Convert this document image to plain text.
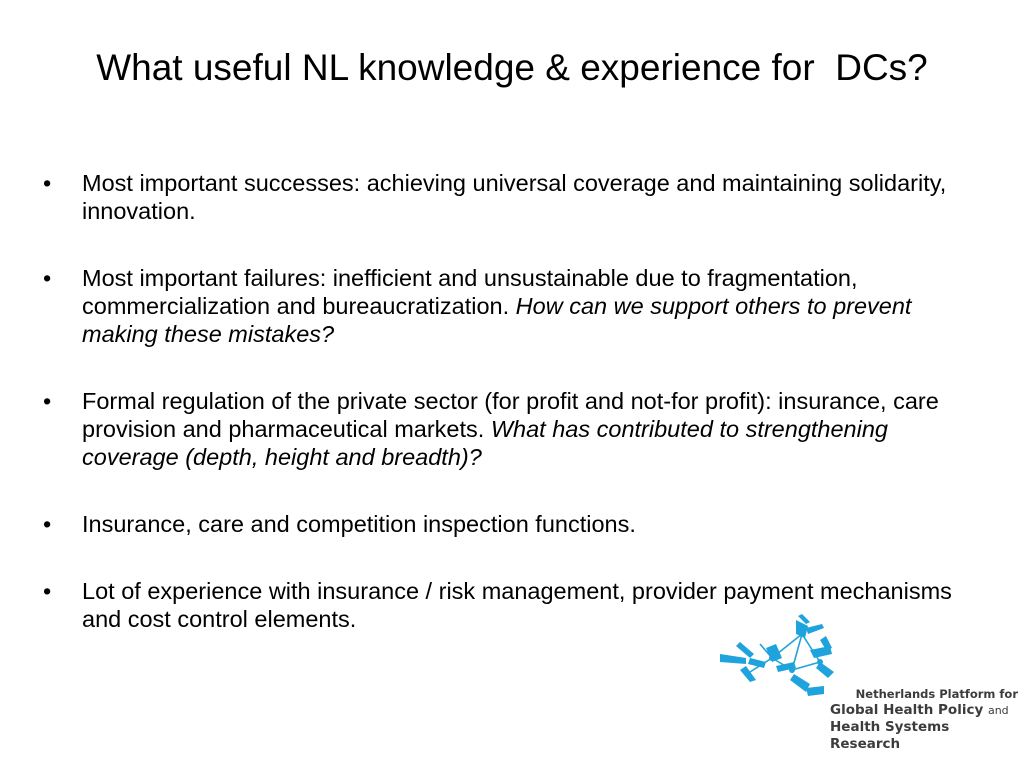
What useful NL knowledge & experience for  DCs?
• Most important successes: achieving universal coverage and maintaining solidarity, innovation.
• Most important failures: inefficient and unsustainable due to fragmentation, commercialization and bureaucratization. How can we support others to prevent making these mistakes?
• Formal regulation of the private sector (for profit and not-for profit): insurance, care provision and pharmaceutical markets. What has contributed to strengthening coverage (depth, height and breadth)?
• Insurance, care and competition inspection functions.
• Lot of experience with insurance / risk management, provider payment mechanisms and cost control elements.
Netherlands Platform for
Global Health Policy and
Health Systems Research
